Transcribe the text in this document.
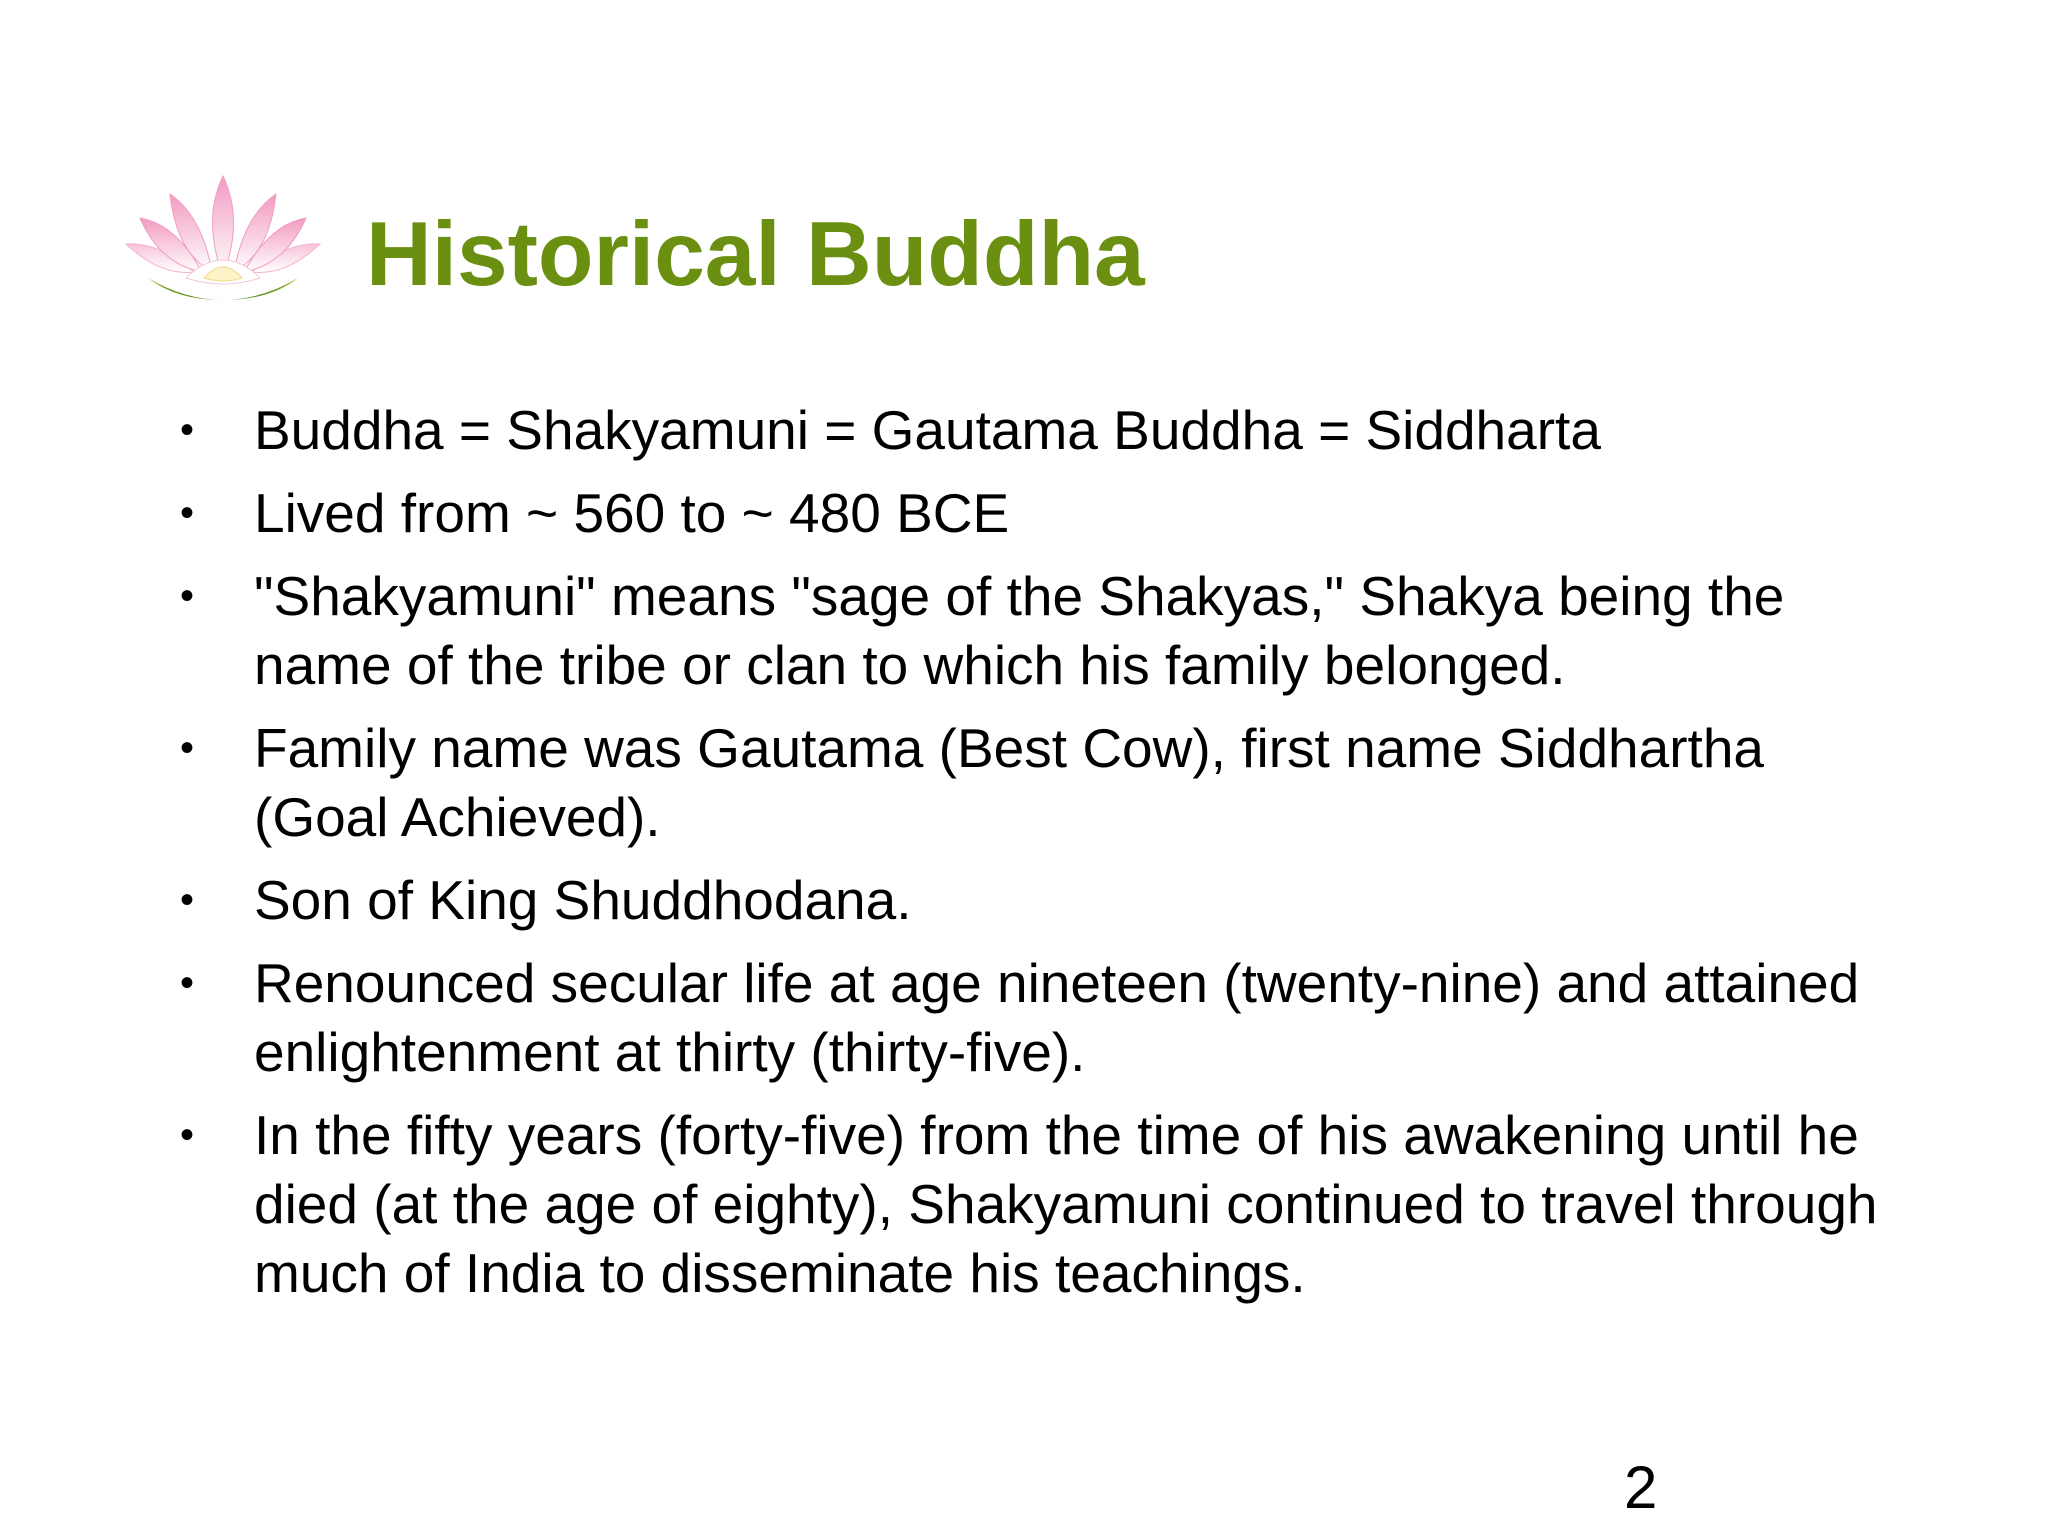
Historical Buddha
•	Buddha = Shakyamuni = Gautama Buddha = Siddharta
•	Lived from ~ 560 to ~ 480 BCE
•	"Shakyamuni" means "sage of the Shakyas," Shakya being the name of the tribe or clan to which his family belonged.
•	Family name was Gautama (Best Cow), first name Siddhartha (Goal Achieved).
•	Son of King Shuddhodana.
•	Renounced secular life at age nineteen (twenty-nine) and attained enlightenment at thirty (thirty-five).
•	In the fifty years (forty-five) from the time of his awakening until he died (at the age of eighty), Shakyamuni continued to travel through much of India to disseminate his teachings.
2
